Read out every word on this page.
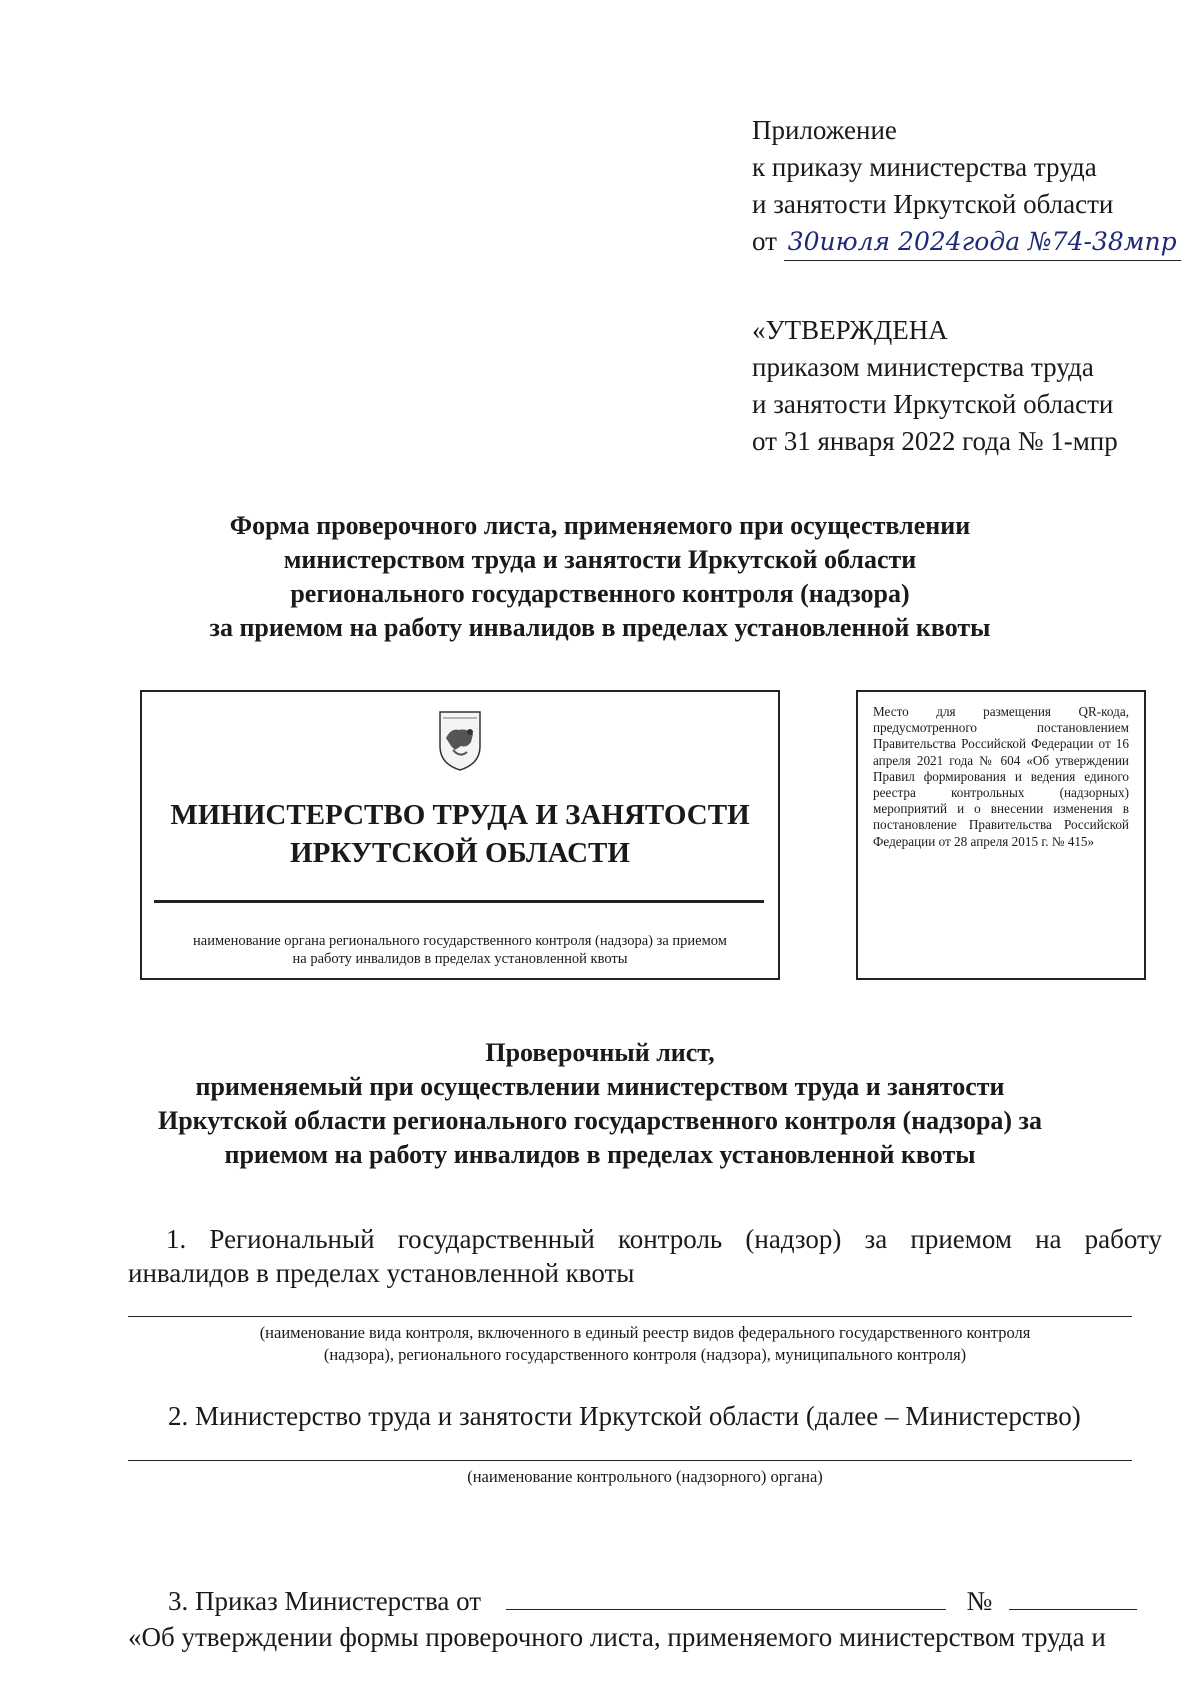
Приложение
к приказу министерства труда
и занятости Иркутской области
от 30июля 2024года №74-38мпр
«УТВЕРЖДЕНА
приказом министерства труда
и занятости Иркутской области
от 31 января 2022 года № 1-мпр
Форма проверочного листа, применяемого при осуществлении
министерством труда и занятости Иркутской области
регионального государственного контроля (надзора)
за приемом на работу инвалидов в пределах установленной квоты
МИНИСТЕРСТВО ТРУДА И ЗАНЯТОСТИ
ИРКУТСКОЙ ОБЛАСТИ
наименование органа регионального государственного контроля (надзора) за приемом
на работу инвалидов в пределах установленной квоты
Место для размещения QR-кода, предусмотренного постановлением Правительства Российской Федерации от 16 апреля 2021 года № 604 «Об утверждении Правил формирования и ведения единого реестра контрольных (надзорных) мероприятий и о внесении изменения в постановление Правительства Российской Федерации от 28 апреля 2015 г. № 415»
Проверочный лист,
применяемый при осуществлении министерством труда и занятости
Иркутской области регионального государственного контроля (надзора) за
приемом на работу инвалидов в пределах установленной квоты
1. Региональный государственный контроль (надзор) за приемом на работу
инвалидов в пределах установленной квоты
(наименование вида контроля, включенного в единый реестр видов федерального государственного контроля
(надзора), регионального государственного контроля (надзора), муниципального контроля)
2. Министерство труда и занятости Иркутской области (далее – Министерство)
(наименование контрольного (надзорного) органа)
3. Приказ Министерства от	№
«Об утверждении формы проверочного листа, применяемого министерством труда и
